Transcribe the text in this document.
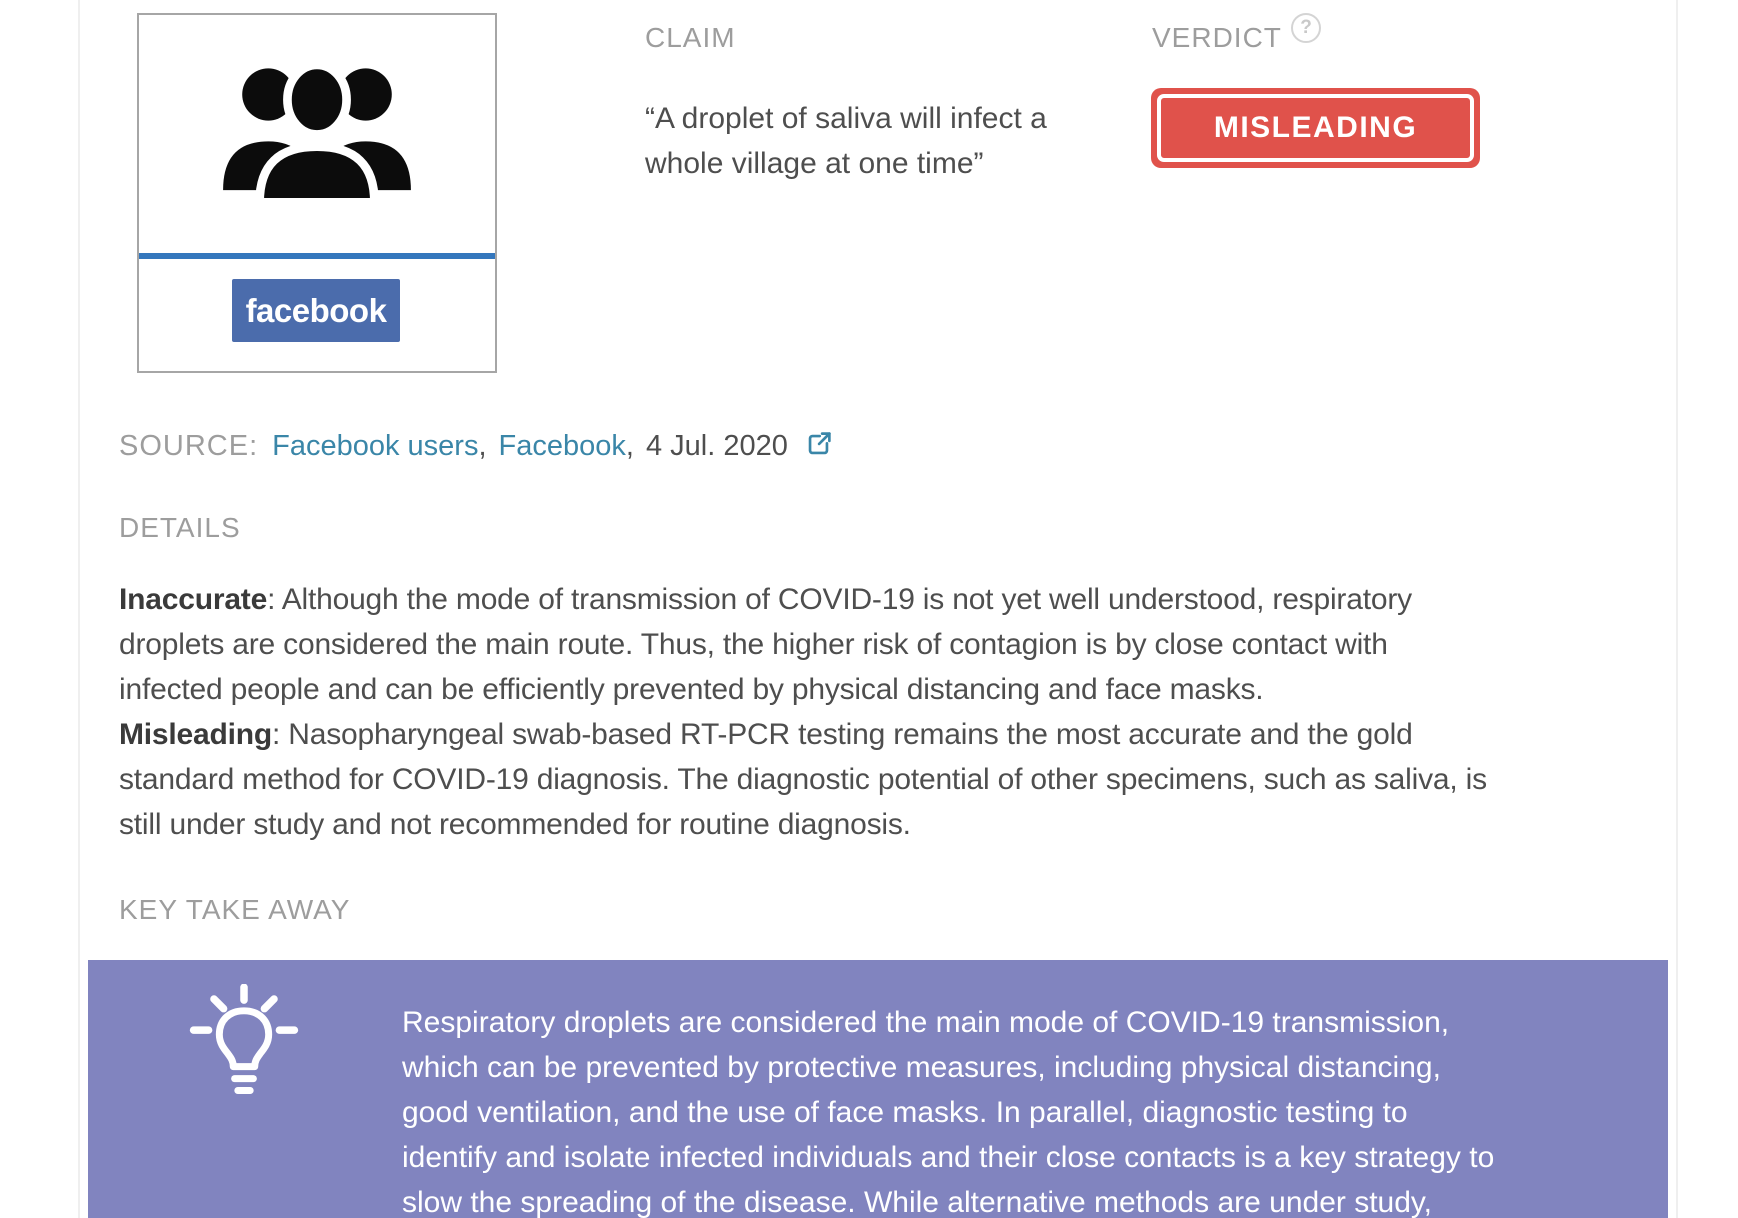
facebook
CLAIM
“A droplet of saliva will infect a
whole village at one time”
VERDICT ?
MISLEADING
SOURCE: Facebook users, Facebook, 4 Jul. 2020
DETAILS
Inaccurate: Although the mode of transmission of COVID-19 is not yet well understood, respiratory
droplets are considered the main route. Thus, the higher risk of contagion is by close contact with
infected people and can be efficiently prevented by physical distancing and face masks.
Misleading: Nasopharyngeal swab-based RT-PCR testing remains the most accurate and the gold
standard method for COVID-19 diagnosis. The diagnostic potential of other specimens, such as saliva, is
still under study and not recommended for routine diagnosis.
KEY TAKE AWAY
Respiratory droplets are considered the main mode of COVID-19 transmission,
which can be prevented by protective measures, including physical distancing,
good ventilation, and the use of face masks. In parallel, diagnostic testing to
identify and isolate infected individuals and their close contacts is a key strategy to
slow the spreading of the disease. While alternative methods are under study,
